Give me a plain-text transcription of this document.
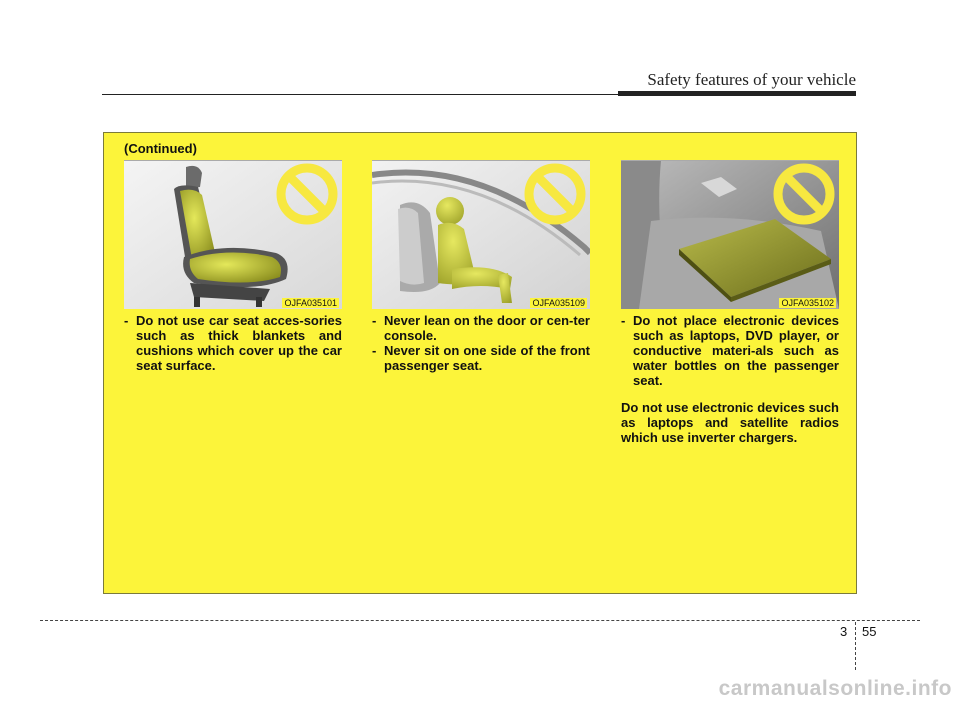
Safety features of your vehicle
(Continued)
OJFA035101	OJFA035109	OJFA035102
- Do not use car seat acces-sories such as thick blankets and cushions which cover up the car seat surface.
- Never lean on the door or cen-ter console.
- Never sit on one side of the front passenger seat.
- Do not place electronic devices such as laptops, DVD player, or conductive materi-als such as water bottles on the passenger seat.

Do not use electronic devices such as laptops and satellite radios which use inverter chargers.

3 55
carmanualsonline.info
